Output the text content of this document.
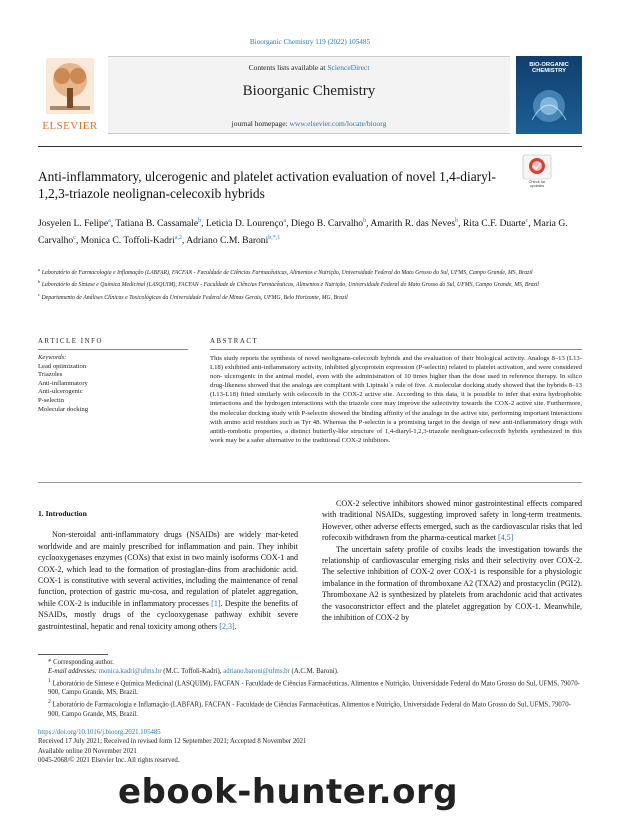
Bioorganic Chemistry 119 (2022) 105485
ELSEVIER
Contents lists available at ScienceDirect
Bioorganic Chemistry
journal homepage: www.elsevier.com/locate/bioorg
BIO-ORGANIC CHEMISTRY
Anti-inflammatory, ulcerogenic and platelet activation evaluation of novel 1,4-diaryl-1,2,3-triazole neolignan-celecoxib hybrids
Check for updates
Josyelen L. Felipe$^a$, Tatiana B. Cassamale$^b$, Leticia D. Lourenço$^a$, Diego B. Carvalho$^b$, Amarith R. das Neves$^b$, Rita C.F. Duarte$^c$, Maria G. Carvalho$^c$, Monica C. Toffoli-Kadri$^{a,2}$, Adriano C.M. Baroni$^{b,*,1}$
$^a$ Laboratório de Farmacologia e Inflamação (LABFAR), FACFAN - Faculdade de Ciências Farmacêuticas, Alimentos e Nutrição, Universidade Federal do Mato Grosso do Sul, UFMS, Campo Grande, MS, Brazil
$^b$ Laboratório de Síntese e Química Medicinal (LASQUIM), FACFAN - Faculdade de Ciências Farmacêuticas, Alimentos e Nutrição, Universidade Federal do Mato Grosso do Sul, UFMS, Campo Grande, MS, Brazil
$^c$ Departamento de Análises Clínicas e Toxicológicas da Universidade Federal de Minas Gerais, UFMG, Belo Horizonte, MG, Brazil
ARTICLE INFO	ABSTRACT
Keywords:
Lead optimization
Triazoles
Anti-inflammatory
Anti-ulcerogenic
P-selectin
Molecular docking
This study reports the synthesis of novel neolignans-celecoxib hybrids and the evaluation of their biological activity. Analogs 8–13 (L13-L18) exhibited anti-inflammatory activity, inhibited glycoprotein expression (P-selectin) related to platelet activation, and were considered non- ulcerogenic in the animal model, even with the administration of 10 times higher than the dose used in reference therapy. In silico drug-likeness showed that the analogs are compliant with Lipinski´s rule of five. A molecular docking study showed that the hybrids 8–13 (L13-L18) fitted similarly with celecoxib in the COX-2 active site. According to this data, it is possible to infer that extra hydrophobic interactions and the hydrogen interactions with the triazole core may improve the selectivity towards the COX-2 active site. Furthermore, the molecular docking study with P-selectin showed the binding affinity of the analogs in the active site, performing important interactions with amino acid residues such as Tyr 48. Whereas the P-selectin is a promising target to the design of new anti-inflammatory drugs with antith-rombotic properties, a distinct butterfly-like structure of 1,4-diaryl-1,2,3-triazole neolignan-celecoxib hybrids synthesized in this work may be a safer alternative to the traditional COX-2 inhibitors.
1. Introduction

Non-steroidal anti-inflammatory drugs (NSAIDs) are widely mar-keted worldwide and are mainly prescribed for inflammation and pain. They inhibit cyclooxygenases enzymes (COXs) that exist in two mainly isoforms COX-1 and COX-2, which lead to the formation of prostaglan-dins from arachidonic acid. COX-1 is constitutive with several activities, including the maintenance of renal function, protection of gastric mu-cosa, and regulation of platelet aggregation, while COX-2 is inducible in inflammatory processes [1]. Despite the benefits of NSAIDs, mostly drugs of the cyclooxygenase pathway exhibit severe gastrointestinal, hepatic and renal toxicity among others [2,3].

COX-2 selective inhibitors showed minor gastrointestinal effects compared with traditional NSAIDs, suggesting improved safety in long-term treatments. However, other adverse effects emerged, such as the cardiovascular risks that led rofecoxib withdrawn from the pharma-ceutical market [4,5]

The uncertain safety profile of coxibs leads the investigation towards the relationship of cardiovascular emerging risks and their selectivity over COX-2. The selective inhibition of COX-2 over COX-1 is responsible for a physiologic imbalance in the formation of thromboxane A2 (TXA2) and prostacyclin (PGI2). Thromboxane A2 is synthesized by platelets from arachdonic acid that activates the vasoconstrictor effect and the platelet aggregation by COX-1. Meanwhile, the inhibition of COX-2 by

* Corresponding author.
E-mail addresses: monica.kadri@ufms.br (M.C. Toffoli-Kadri), adriano.baroni@ufms.br (A.C.M. Baroni).
$^1$ Laboratório de Síntese e Química Medicinal (LASQUIM), FACFAN - Faculdade de Ciências Farmacêuticas, Alimentos e Nutrição, Universidade Federal do Mato Grosso do Sul, UFMS, 79070-900, Campo Grande, MS, Brazil.
$^2$ Laboratório de Farmacologia e Inflamação (LABFAR), FACFAN - Faculdade de Ciências Farmacêuticas, Alimentos e Nutrição, Universidade Federal do Mato Grosso do Sul, UFMS, 79070-900, Campo Grande, MS, Brazil.
https://doi.org/10.1016/j.bioorg.2021.105485
Received 17 July 2021; Received in revised form 12 September 2021; Accepted 8 November 2021
Available online 20 November 2021
0045-2068/© 2021 Elsevier Inc. All rights reserved.
ebook-hunter.org
